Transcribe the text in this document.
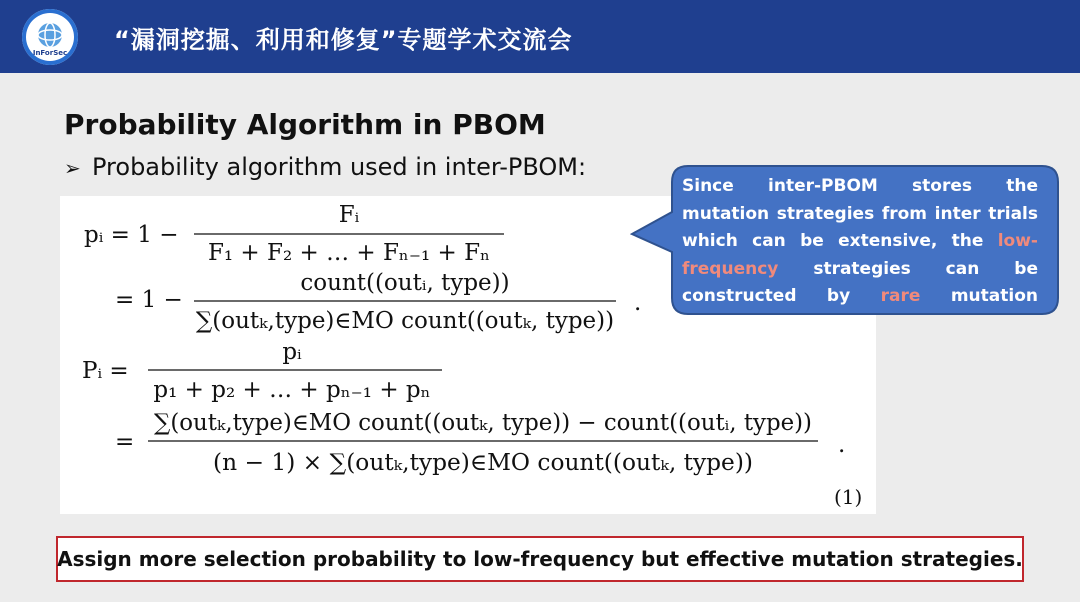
InForSec “漏洞挖掘、利用和修复”专题学术交流会
Probability Algorithm in PBOM
➢ Probability algorithm used in inter-PBOM:
pᵢ = 1 −
Fᵢ
F₁ + F₂ + … + Fₙ₋₁ + Fₙ
= 1 −
count((outᵢ, type))
∑(outₖ,type)∈MO count((outₖ, type))
.
Pᵢ =
pᵢ
p₁ + p₂ + … + pₙ₋₁ + pₙ
=
∑(outₖ,type)∈MO count((outₖ, type)) − count((outᵢ, type))
(n − 1) × ∑(outₖ,type)∈MO count((outₖ, type))
.
(1)
Since inter-PBOM stores the mutation strategies from inter trials which can be extensive, the low-frequency strategies can be constructed by rare mutation operators.
Assign more selection probability to low-frequency but effective mutation strategies.
